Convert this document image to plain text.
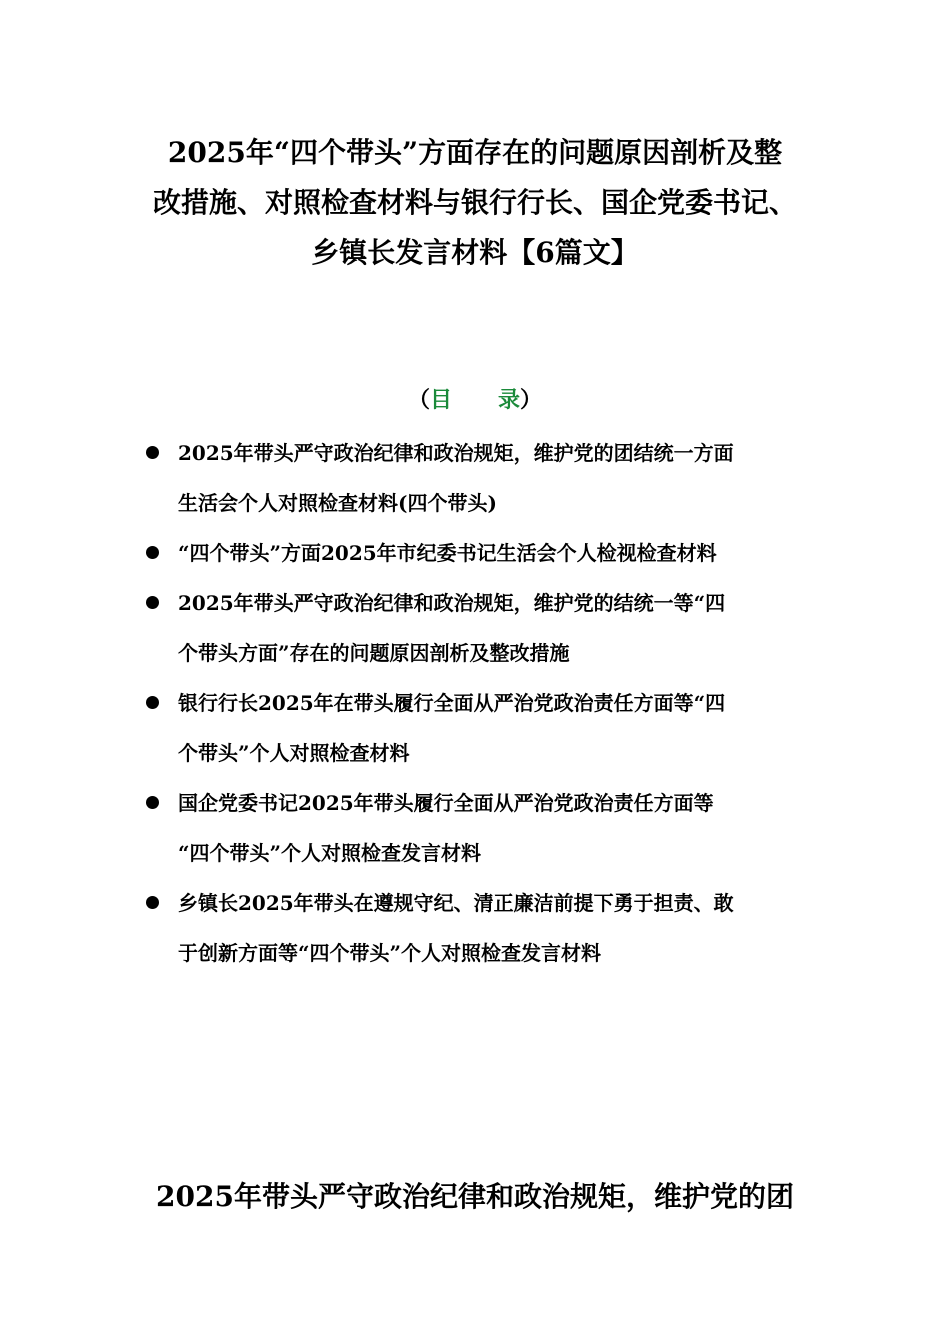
2025年“四个带头”方面存在的问题原因剖析及整
改措施、对照检查材料与银行行长、国企党委书记、
乡镇长发言材料【6篇文】
（目 录）
2025年带头严守政治纪律和政治规矩，维护党的团结统一方面
生活会个人对照检查材料(四个带头)
“四个带头”方面2025年市纪委书记生活会个人检视检查材料
2025年带头严守政治纪律和政治规矩，维护党的结统一等“四
个带头方面”存在的问题原因剖析及整改措施
银行行长2025年在带头履行全面从严治党政治责任方面等“四
个带头”个人对照检查材料
国企党委书记2025年带头履行全面从严治党政治责任方面等
“四个带头”个人对照检查发言材料
乡镇长2025年带头在遵规守纪、清正廉洁前提下勇于担责、敢
于创新方面等“四个带头”个人对照检查发言材料
2025年带头严守政治纪律和政治规矩，维护党的团
